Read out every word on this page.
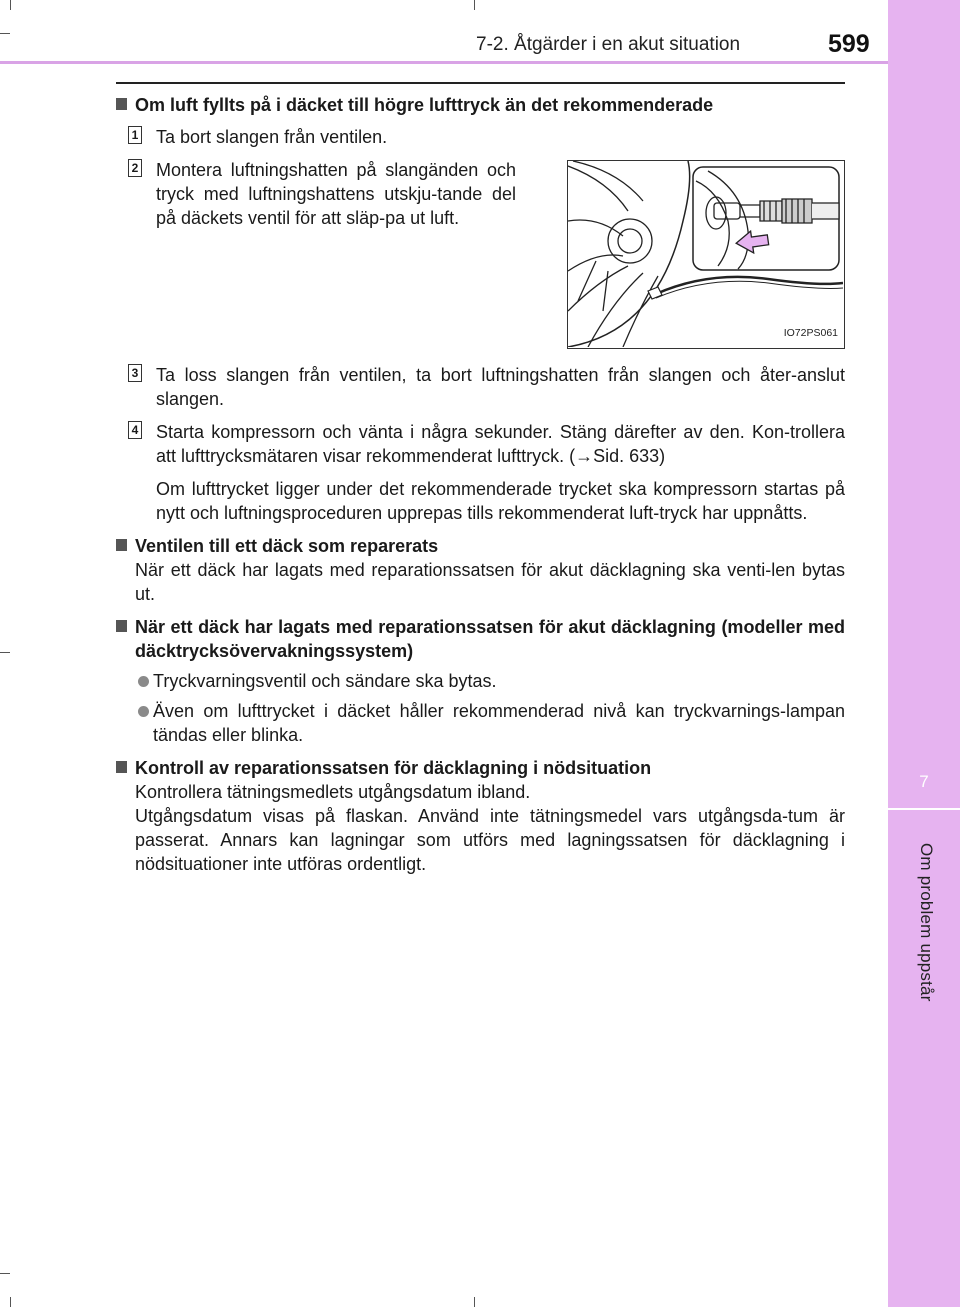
7
Om problem uppstår
7-2. Åtgärder i en akut situation	599
Om luft fyllts på i däcket till högre lufttryck än det rekommenderade
1 Ta bort slangen från ventilen.
2 Montera luftningshatten på slangänden och tryck med luftningshattens utskju-tande del på däckets ventil för att släp-pa ut luft.
IO72PS061
3 Ta loss slangen från ventilen, ta bort luftningshatten från slangen och åter-anslut slangen.
4 Starta kompressorn och vänta i några sekunder. Stäng därefter av den. Kon-trollera att lufttrycksmätaren visar rekommenderat lufttryck. (→Sid. 633)
Om lufttrycket ligger under det rekommenderade trycket ska kompressorn startas på nytt och luftningsproceduren upprepas tills rekommenderat luft-tryck har uppnåtts.
Ventilen till ett däck som reparerats
När ett däck har lagats med reparationssatsen för akut däcklagning ska venti-len bytas ut.
När ett däck har lagats med reparationssatsen för akut däcklagning (modeller med däcktrycksövervakningssystem)
Tryckvarningsventil och sändare ska bytas.
Även om lufttrycket i däcket håller rekommenderad nivå kan tryckvarnings-lampan tändas eller blinka.
Kontroll av reparationssatsen för däcklagning i nödsituation
Kontrollera tätningsmedlets utgångsdatum ibland.
Utgångsdatum visas på flaskan. Använd inte tätningsmedel vars utgångsda-tum är passerat. Annars kan lagningar som utförs med lagningssatsen för däcklagning i nödsituationer inte utföras ordentligt.
